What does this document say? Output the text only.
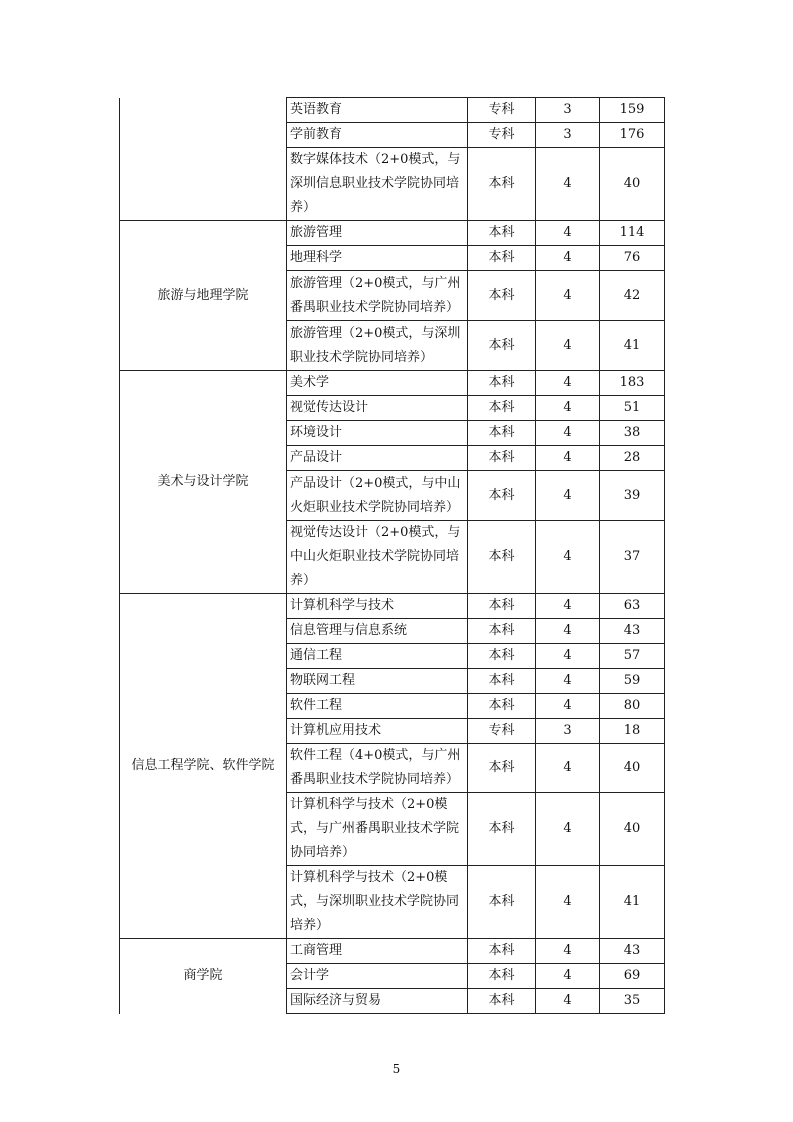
	英语教育	专科	3	159
	学前教育	专科	3	176
	数字媒体技术（2+0模式，与深圳信息职业技术学院协同培养）	本科	4	40
旅游与地理学院	旅游管理	本科	4	114
	地理科学	本科	4	76
	旅游管理（2+0模式，与广州番禺职业技术学院协同培养）	本科	4	42
	旅游管理（2+0模式，与深圳职业技术学院协同培养）	本科	4	41
美术与设计学院	美术学	本科	4	183
	视觉传达设计	本科	4	51
	环境设计	本科	4	38
	产品设计	本科	4	28
	产品设计（2+0模式，与中山火炬职业技术学院协同培养）	本科	4	39
	视觉传达设计（2+0模式，与中山火炬职业技术学院协同培养）	本科	4	37
信息工程学院、软件学院	计算机科学与技术	本科	4	63
	信息管理与信息系统	本科	4	43
	通信工程	本科	4	57
	物联网工程	本科	4	59
	软件工程	本科	4	80
	计算机应用技术	专科	3	18
	软件工程（4+0模式，与广州番禺职业技术学院协同培养）	本科	4	40
	计算机科学与技术（2+0模式，与广州番禺职业技术学院协同培养）	本科	4	40
	计算机科学与技术（2+0模式，与深圳职业技术学院协同培养）	本科	4	41
商学院	工商管理	本科	4	43
	会计学	本科	4	69
	国际经济与贸易	本科	4	35
5
